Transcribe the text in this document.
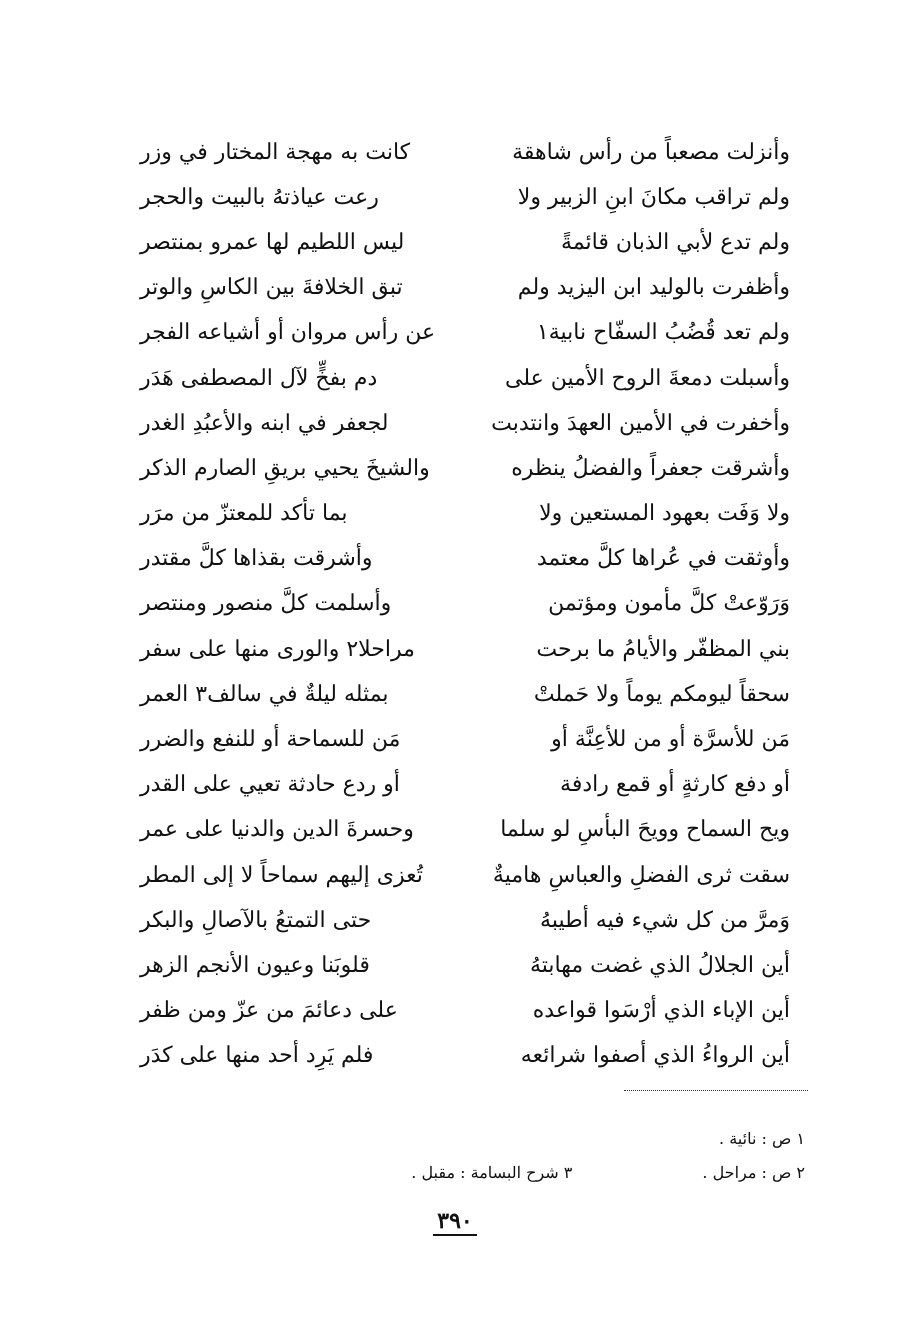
وأنزلت مصعباً من رأس شاهقة
كانت به مهجة المختار في وزر
ولم تراقب مكانَ ابنِ الزبير ولا
رعت عياذتهُ بالبيت والحجر
ولم تدع لأبي الذبان قائمةً
ليس اللطيم لها عمرو بمنتصر
وأظفرت بالوليد ابن اليزيد ولم
تبق الخلافةَ بين الكاسِ والوتر
ولم تعد قُضُبُ السفّاح نابية١
عن رأس مروان أو أشياعه الفجر
وأسبلت دمعةَ الروح الأمين على
دم بفخٍّ لآل المصطفى هَدَر
وأخفرت في الأمين العهدَ وانتدبت
لجعفر في ابنه والأعبُدِ الغدر
وأشرقت جعفراً والفضلُ ينظره
والشيخَ يحيي بريقِ الصارم الذكر
ولا وَفَت بعهود المستعين ولا
بما تأكد للمعتزّ من مرَر
وأوثقت في عُراها كلَّ معتمد
وأشرقت بقذاها كلَّ مقتدر
وَرَوّعتْ كلَّ مأمون ومؤتمن
وأسلمت كلَّ منصور ومنتصر
بني المظفّر والأيامُ ما برحت
مراحلا٢ والورى منها على سفر
سحقاً ليومكم يوماً ولا حَملتْ
بمثله ليلةٌ في سالف٣ العمر
مَن للأسرَّة أو من للأعِنَّة أو
مَن للسماحة أو للنفع والضرر
أو دفع كارثةٍ أو قمع رادفة
أو ردع حادثة تعيي على القدر
ويح السماح وويحَ البأسِ لو سلما
وحسرةَ الدين والدنيا على عمر
سقت ثرى الفضلِ والعباسِ هاميةٌ
تُعزى إليهم سماحاً لا إلى المطر
وَمرَّ من كل شيء فيه أطيبهُ
حتى التمتعُ بالآصالِ والبكر
أين الجلالُ الذي غضت مهابتهُ
قلوبَنا وعيون الأنجم الزهر
أين الإباء الذي أرْسَوا قواعده
على دعائمَ من عزّ ومن ظفر
أين الرواءُ الذي أصفوا شرائعه
فلم يَرِد أحد منها على كدَر
١ ص : نائية .
٢ ص : مراحل .
٣ شرح البسامة : مقبل .
٣٩٠
